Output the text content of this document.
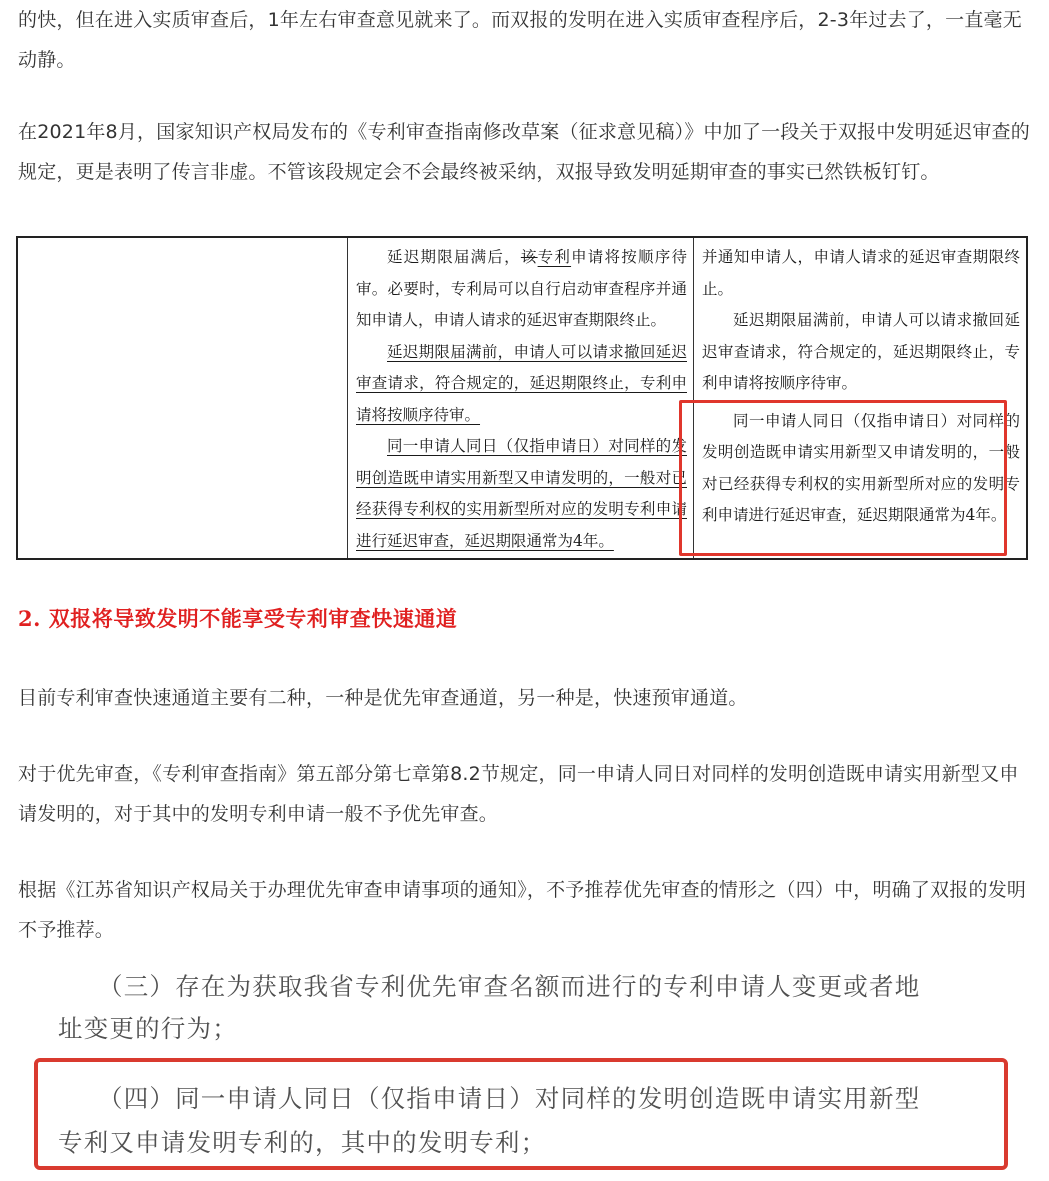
的快，但在进入实质审查后，1年左右审查意见就来了。而双报的发明在进入实质审查程序后，2-3年过去了，一直毫无动静。
在2021年8月，国家知识产权局发布的《专利审查指南修改草案（征求意见稿）》中加了一段关于双报中发明延迟审查的规定，更是表明了传言非虚。不管该段规定会不会最终被采纳，双报导致发明延期审查的事实已然铁板钉钉。

延迟期限届满后，该专利申请将按顺序待审。必要时，专利局可以自行启动审查程序并通知申请人，申请人请求的延迟审查期限终止。

延迟期限届满前，申请人可以请求撤回延迟审查请求，符合规定的，延迟期限终止，专利申请将按顺序待审。

同一申请人同日（仅指申请日）对同样的发明创造既申请实用新型又申请发明的，一般对已经获得专利权的实用新型所对应的发明专利申请进行延迟审查，延迟期限通常为4年。

并通知申请人，申请人请求的延迟审查期限终止。

延迟期限届满前，申请人可以请求撤回延迟审查请求，符合规定的，延迟期限终止，专利申请将按顺序待审。

同一申请人同日（仅指申请日）对同样的发明创造既申请实用新型又申请发明的，一般对已经获得专利权的实用新型所对应的发明专利申请进行延迟审查，延迟期限通常为4年。

2. 双报将导致发明不能享受专利审查快速通道
目前专利审查快速通道主要有二种，一种是优先审查通道，另一种是，快速预审通道。
对于优先审查，《专利审查指南》第五部分第七章第8.2节规定，同一申请人同日对同样的发明创造既申请实用新型又申请发明的，对于其中的发明专利申请一般不予优先审查。
根据《江苏省知识产权局关于办理优先审查申请事项的通知》，不予推荐优先审查的情形之（四）中，明确了双报的发明不予推荐。
（三）存在为获取我省专利优先审查名额而进行的专利申请人变更或者地
址变更的行为；
（四）同一申请人同日（仅指申请日）对同样的发明创造既申请实用新型
专利又申请发明专利的，其中的发明专利；
